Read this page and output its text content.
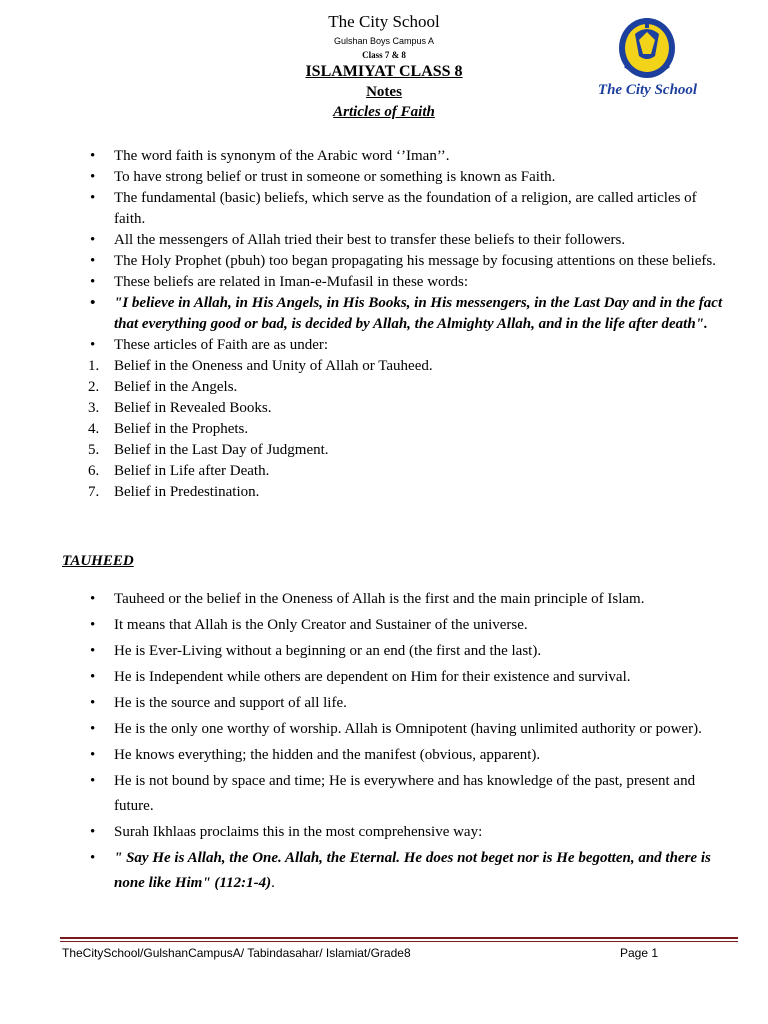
The City School
Gulshan Boys Campus A
Class 7 & 8
ISLAMIYAT CLASS 8
Notes
Articles of Faith
The City School
• The word faith is synonym of the Arabic word ‘’Iman’’.
• To have strong belief or trust in someone or something is known as Faith.
• The fundamental (basic) beliefs, which serve as the foundation of a religion, are called articles of faith.
• All the messengers of Allah tried their best to transfer these beliefs to their followers.
• The Holy Prophet (pbuh) too began propagating his message by focusing attentions on these beliefs.
• These beliefs are related in Iman-e-Mufasil in these words:
• "I believe in Allah, in His Angels, in His Books, in His messengers, in the Last Day and in the fact that everything good or bad, is decided by Allah, the Almighty Allah, and in the life after death".
• These articles of Faith are as under:
1. Belief in the Oneness and Unity of Allah or Tauheed.
2. Belief in the Angels.
3. Belief in Revealed Books.
4. Belief in the Prophets.
5. Belief in the Last Day of Judgment.
6. Belief in Life after Death.
7. Belief in Predestination.
TAUHEED
• Tauheed or the belief in the Oneness of Allah is the first and the main principle of Islam.
• It means that Allah is the Only Creator and Sustainer of the universe.
• He is Ever-Living without a beginning or an end (the first and the last).
• He is Independent while others are dependent on Him for their existence and survival.
• He is the source and support of all life.
• He is the only one worthy of worship. Allah is Omnipotent (having unlimited authority or power).
• He knows everything; the hidden and the manifest (obvious, apparent).
• He is not bound by space and time; He is everywhere and has knowledge of the past, present and future.
• Surah Ikhlaas proclaims this in the most comprehensive way:
• " Say He is Allah, the One. Allah, the Eternal. He does not beget nor is He begotten, and there is none like Him" (112:1-4).
TheCitySchool/GulshanCampusA/ Tabindasahar/ Islamiat/Grade8	Page 1
